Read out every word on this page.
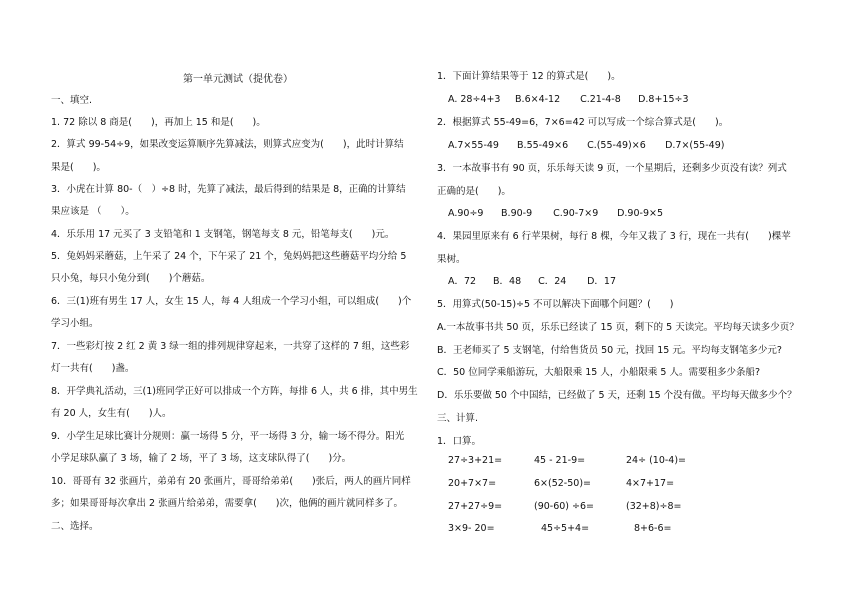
第一单元测试（提优卷）
一、填空.
1. 72 除以 8 商是(　　)，再加上 15 和是(　　)。
2．算式 99-54÷9，如果改变运算顺序先算减法，则算式应变为(　　)，此时计算结
果是(　　)。
3．小虎在计算 80-（　）÷8 时，先算了减法，最后得到的结果是 8，正确的计算结
果应该是 （　　）。
4．乐乐用 17 元买了 3 支铅笔和 1 支钢笔，钢笔每支 8 元，铅笔每支(　　)元。
5．兔妈妈采蘑菇，上午采了 24 个，下午采了 21 个，兔妈妈把这些蘑菇平均分给 5
只小兔，每只小兔分到(　　)个蘑菇。
6．三(1)班有男生 17 人，女生 15 人，每 4 人组成一个学习小组，可以组成(　　)个
学习小组。
7．一些彩灯按 2 红 2 黄 3 绿一组的排列规律穿起来，一共穿了这样的 7 组，这些彩
灯一共有(　　)盏。
8．开学典礼活动，三(1)班同学正好可以排成一个方阵，每排 6 人，共 6 排，其中男生
有 20 人，女生有(　　)人。
9．小学生足球比赛计分规则：赢一场得 5 分，平一场得 3 分，输一场不得分。阳光
小学足球队赢了 3 场，输了 2 场，平了 3 场，这支球队得了(　　)分。
10．哥哥有 32 张画片，弟弟有 20 张画片，哥哥给弟弟(　　)张后，两人的画片同样
多；如果哥哥每次拿出 2 张画片给弟弟，需要拿(　　)次，他俩的画片就同样多了。
二、选择。
1．下面计算结果等于 12 的算式是(　　)。
A. 28÷4+3 B.6×4-12 C.21-4-8 D.8+15÷3
2．根据算式 55-49=6，7×6=42 可以写成一个综合算式是(　　)。
A.7×55-49 B.55-49×6 C.(55-49)×6 D.7×(55-49)
3．一本故事书有 90 页，乐乐每天读 9 页，一个星期后，还剩多少页没有读？列式
正确的是(　　)。
A.90÷9 B.90-9 C.90-7×9 D.90-9×5
4．果园里原来有 6 行苹果树，每行 8 棵，今年又栽了 3 行，现在一共有(　　)棵苹
果树。
A．72 B．48 C．24 D．17
5．用算式(50-15)÷5 不可以解决下面哪个问题？(　　)
A.一本故事书共 50 页，乐乐已经读了 15 页，剩下的 5 天读完。平均每天读多少页？
B．王老师买了 5 支钢笔，付给售货员 50 元，找回 15 元。平均每支钢笔多少元?
C．50 位同学乘船游玩，大船限乘 15 人，小船限乘 5 人。需要租多少条船?
D．乐乐要做 50 个中国结，已经做了 5 天，还剩 15 个没有做。平均每天做多少个？
三、计算.
1．口算。
27÷3+21=	45 - 21-9=	24÷ (10-4)=
20+7×7=	6×(52-50)=	4×7+17=
27+27÷9=	(90-60) ÷6=	(32+8)÷8=
3×9- 20=	45÷5+4=	8+6-6=
